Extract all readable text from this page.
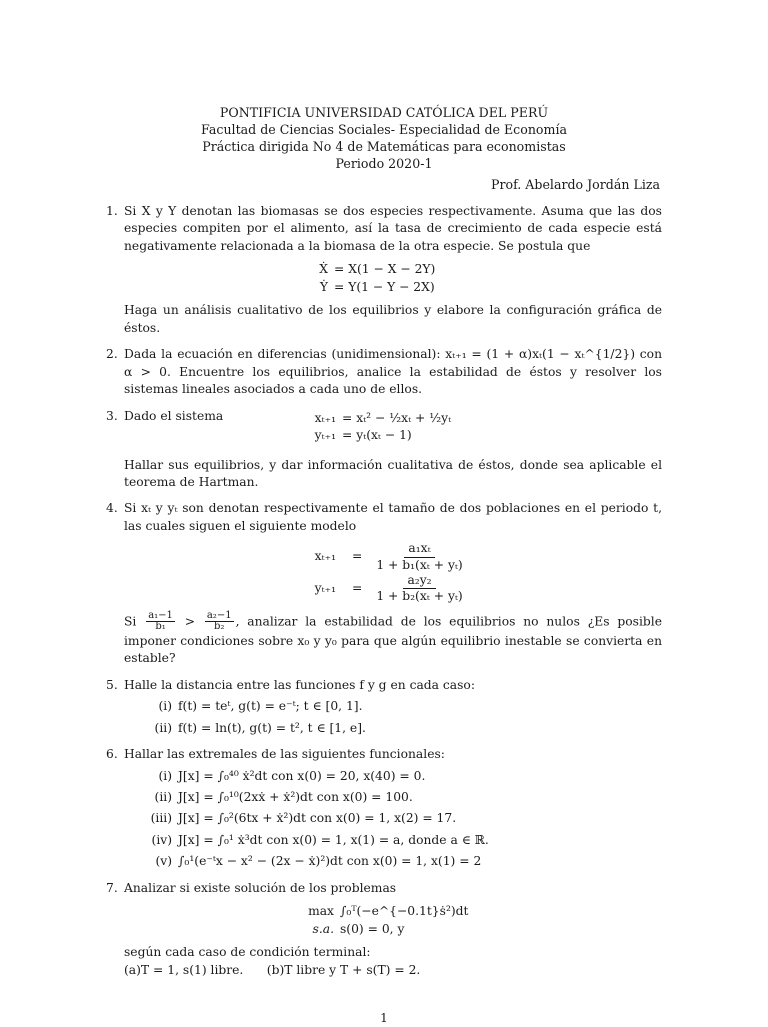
PONTIFICIA UNIVERSIDAD CATÓLICA DEL PERÚ
Facultad de Ciencias Sociales- Especialidad de Economía
Práctica dirigida No 4 de Matemáticas para economistas
Periodo 2020-1
Prof. Abelardo Jordán Liza
1. Si X y Y denotan las biomasas se dos especies respectivamente. Asuma que las dos especies compiten por el alimento, así la tasa de crecimiento de cada especie está negativamente relacionada a la biomasa de la otra especie. Se postula que

Ẋ = X(1 − X − 2Y)
Ẏ = Y(1 − Y − 2X)

Haga un análisis cualitativo de los equilibrios y elabore la configuración gráfica de éstos.

2. Dada la ecuación en diferencias (unidimensional): xₜ₊₁ = (1 + α)xₜ(1 − xₜ^{1/2}) con α > 0. Encuentre los equilibrios, analice la estabilidad de éstos y resolver los sistemas lineales asociados a cada uno de ellos.

3. Dado el sistema	xₜ₊₁ = xₜ² − ½xₜ + ½yₜ
yₜ₊₁ = yₜ(xₜ − 1)

Hallar sus equilibrios, y dar información cualitativa de éstos, donde sea aplicable el teorema de Hartman.

4. Si xₜ y yₜ son denotan respectivamente el tamaño de dos poblaciones en el periodo t, las cuales siguen el siguiente modelo

xₜ₊₁	= $\frac{\text{a₁xₜ}}{\text{1 + b₁(xₜ + yₜ)}}$
yₜ₊₁	= $\frac{\text{a₂y₂}}{\text{1 + b₂(xₜ + yₜ)}}$

Si $\frac{\text{a₁−1}}{\text{b₁}} > \frac{\text{a₂−1}}{\text{b₂}}$ , analizar la estabilidad de los equilibrios no nulos ¿Es posible imponer condiciones sobre x₀ y y₀ para que algún equilibrio inestable se convierta en estable?

5. Halle la distancia entre las funciones f y g en cada caso:

(i) f(t) = teᵗ, g(t) = e⁻ᵗ; t ∈ [0, 1].
(ii) f(t) = ln(t), g(t) = t², t ∈ [1, e].
6. Hallar las extremales de las siguientes funcionales:

(i) J[x] = ∫₀⁴⁰ ẋ²dt con x(0) = 20, x(40) = 0.
(ii) J[x] = ∫₀¹⁰(2xẋ + ẋ²)dt con x(0) = 100.
(iii) J[x] = ∫₀²(6tx + ẋ²)dt con x(0) = 1, x(2) = 17.
(iv) J[x] = ∫₀¹ ẋ³dt con x(0) = 1, x(1) = a, donde a ∈ ℝ.
(v) ∫₀¹(e⁻ᵗx − x² − (2x − ẋ)²)dt con x(0) = 1, x(1) = 2
7. Analizar si existe solución de los problemas

max ∫₀ᵀ(−e^{−0.1t}ṡ²)dt
s.a. s(0) = 0, y

según cada caso de condición terminal:

(a)T = 1, s(1) libre.      (b)T libre y T + s(T) = 2.

1
